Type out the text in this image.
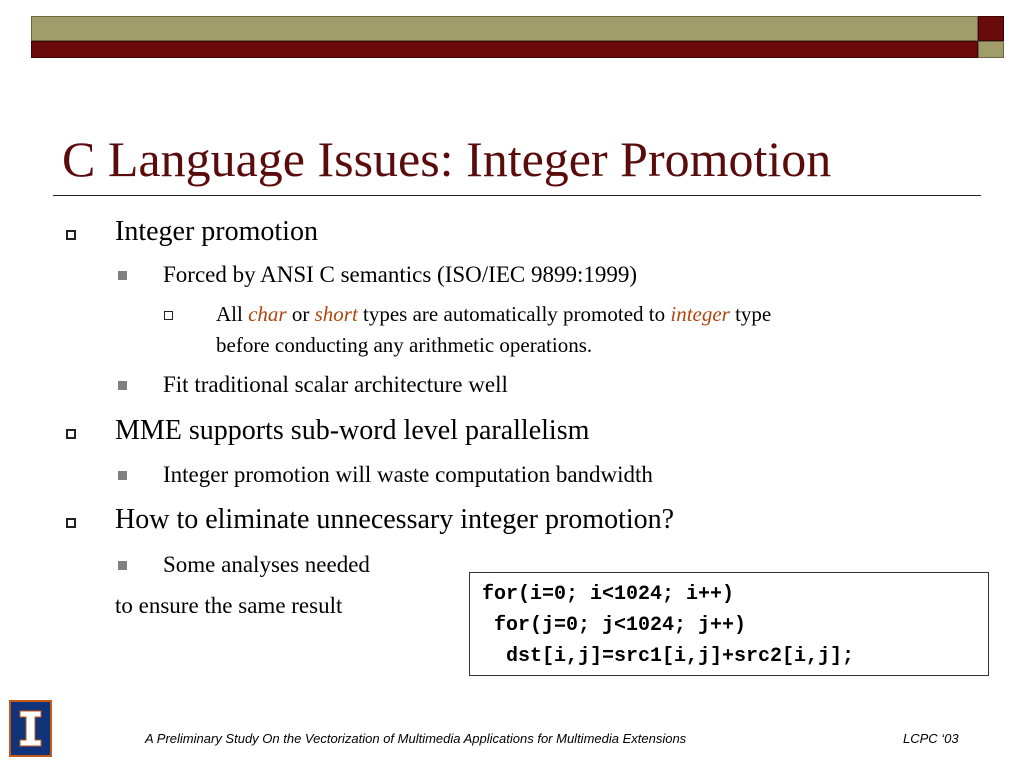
C Language Issues: Integer Promotion
Integer promotion
Forced by ANSI C semantics (ISO/IEC 9899:1999)
All char or short types are automatically promoted to integer type
before conducting any arithmetic operations.
Fit traditional scalar architecture well
MME supports sub-word level parallelism
Integer promotion will waste computation bandwidth
How to eliminate unnecessary integer promotion?
Some analyses needed
to ensure the same result	for(i=0; i<1024; i++)
for(j=0; j<1024; j++)
dst[i,j]=src1[i,j]+src2[i,j];
A Preliminary Study On the Vectorization of Multimedia Applications for Multimedia Extensions	LCPC ‘03
